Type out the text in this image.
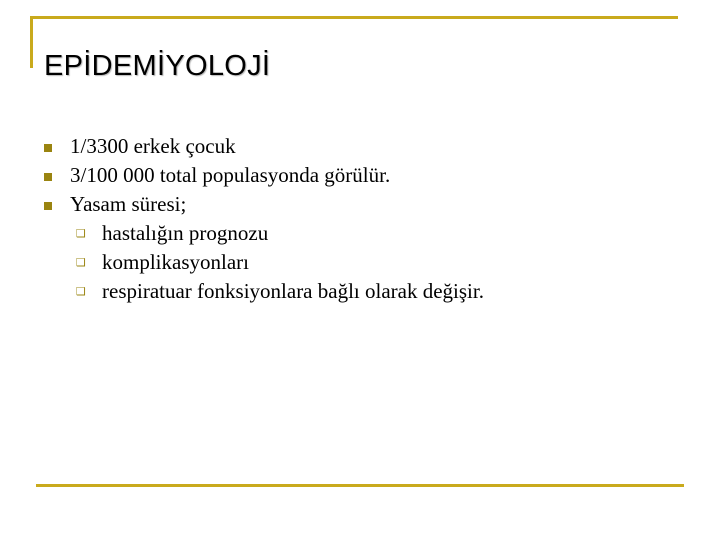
EPİDEMİYOLOJİ
1/3300 erkek çocuk
3/100 000 total populasyonda görülür.
Yasam süresi;
❑ hastalığın prognozu
❑ komplikasyonları
❑ respiratuar fonksiyonlara bağlı olarak değişir.
